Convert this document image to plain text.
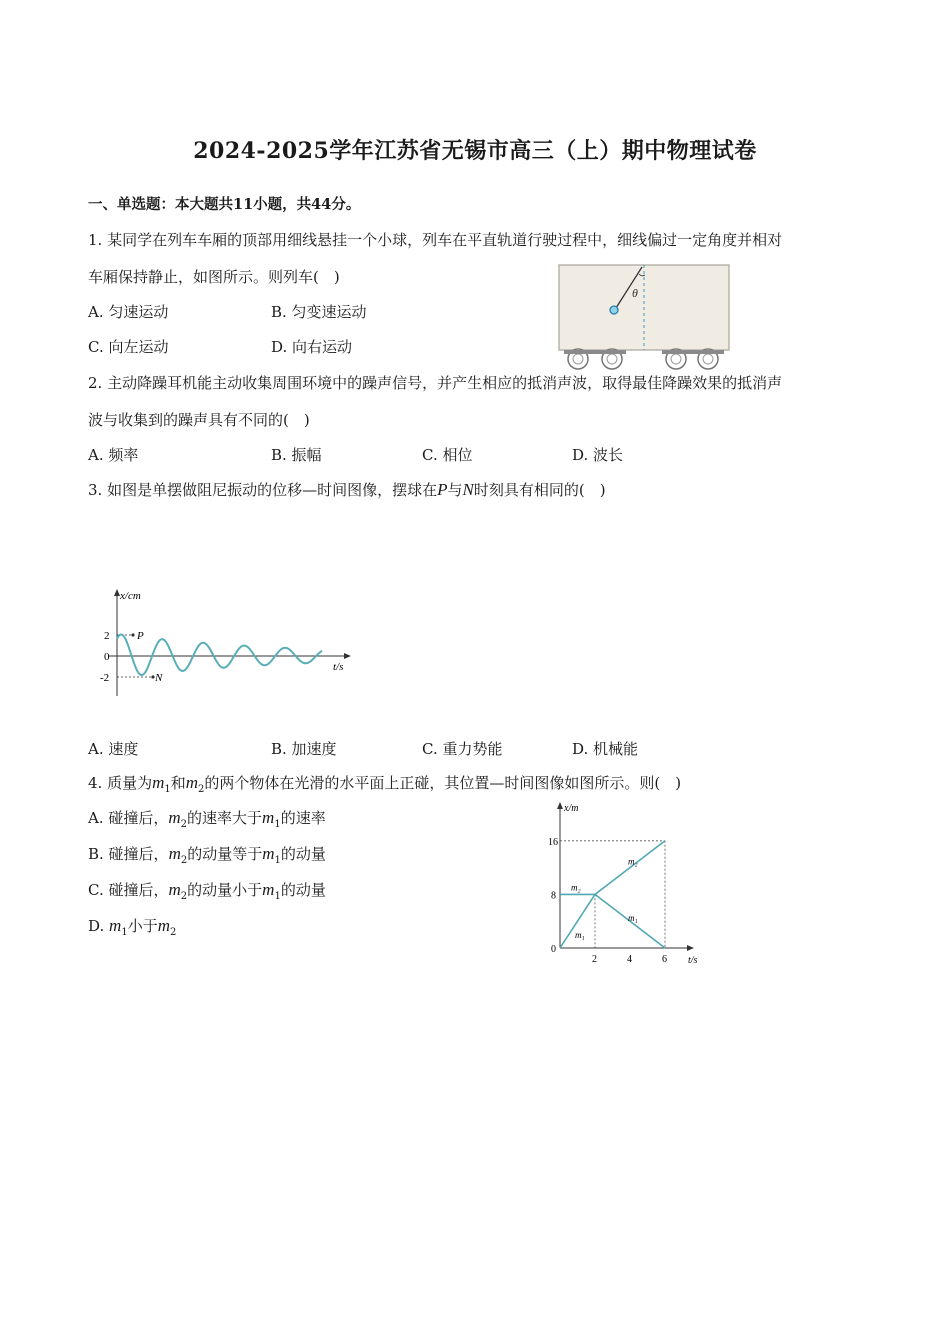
2024-2025学年江苏省无锡市高三（上）期中物理试卷
一、单选题：本大题共11小题，共44分。
1. 某同学在列车车厢的顶部用细线悬挂一个小球，列车在平直轨道行驶过程中，细线偏过一定角度并相对
车厢保持静止，如图所示。则列车(　)
A. 匀速运动	B. 匀变速运动
C. 向左运动	D. 向右运动
θ
2. 主动降躁耳机能主动收集周围环境中的躁声信号，并产生相应的抵消声波，取得最佳降躁效果的抵消声
波与收集到的躁声具有不同的(　)
A. 频率	B. 振幅	C. 相位	D. 波长
3. 如图是单摆做阻尼振动的位移—时间图像，摆球在P与N时刻具有相同的(　)
x/cm
t/s
2
0
-2
P
N
A. 速度	B. 加速度	C. 重力势能	D. 机械能
4. 质量为$m_1$和$m_2$的两个物体在光滑的水平面上正碰，其位置—时间图像如图所示。则(　)
A. 碰撞后，$m_2$的速率大于$m_1$的速率
B. 碰撞后，$m_2$的动量等于$m_1$的动量
C. 碰撞后，$m_2$的动量小于$m_1$的动量
D. $m_1$小于$m_2$
x/m
t/s
16
8
0
2	4	6
m₂
m₂
m₁
m₁
